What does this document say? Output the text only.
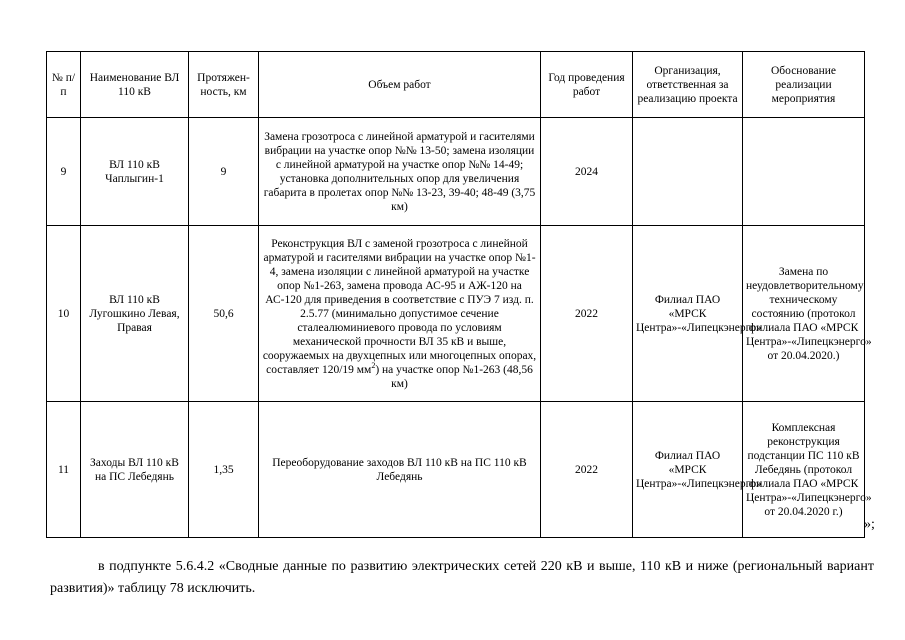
№ п/п	Наименование ВЛ 110 кВ	Протяжен- ность, км	Объем работ	Год проведения работ	Организация, ответственная за реализацию проекта	Обоснование реализации мероприятия
9	ВЛ 110 кВ Чаплыгин-1	9	Замена грозотроса с линейной арматурой и гасителями вибрации на участке опор №№ 13-50; замена изоляции с линейной арматурой на участке опор №№ 14-49; установка дополнительных опор для увеличения габарита в пролетах опор №№ 13-23, 39-40; 48-49 (3,75 км)	2024		
10	ВЛ 110 кВ Лугошкино Левая, Правая	50,6	Реконструкция ВЛ с заменой грозотроса с линейной арматурой и гасителями вибрации на участке опор №1-4, замена изоляции с линейной арматурой на участке опор №1-263, замена провода АС-95 и АЖ-120 на АС-120 для приведения в соответствие с ПУЭ 7 изд. п. 2.5.77 (минимально допустимое сечение сталеалюминиевого провода по условиям механической прочности ВЛ 35 кВ и выше, сооружаемых на двухцепных или многоцепных опорах, составляет 120/19 $мм^2$) на участке опор №1-263 (48,56 км)	2022	Филиал ПАО «МРСК Центра»-«Липецкэнерго»	Замена по неудовлетворительному техническому состоянию (протокол филиала ПАО «МРСК Центра»-«Липецкэнерго» от 20.04.2020.)
11	Заходы ВЛ 110 кВ на ПС Лебедянь	1,35	Переоборудование заходов ВЛ 110 кВ на ПС 110 кВ Лебедянь	2022	Филиал ПАО «МРСК Центра»-«Липецкэнерго»	Комплексная реконструкция подстанции ПС 110 кВ Лебедянь (протокол филиала ПАО «МРСК Центра»-«Липецкэнерго» от 20.04.2020 г.)
»;

в подпункте 5.6.4.2 «Сводные данные по развитию электрических сетей 220 кВ и выше, 110 кВ и ниже (региональный вариант развития)» таблицу 78 исключить.
